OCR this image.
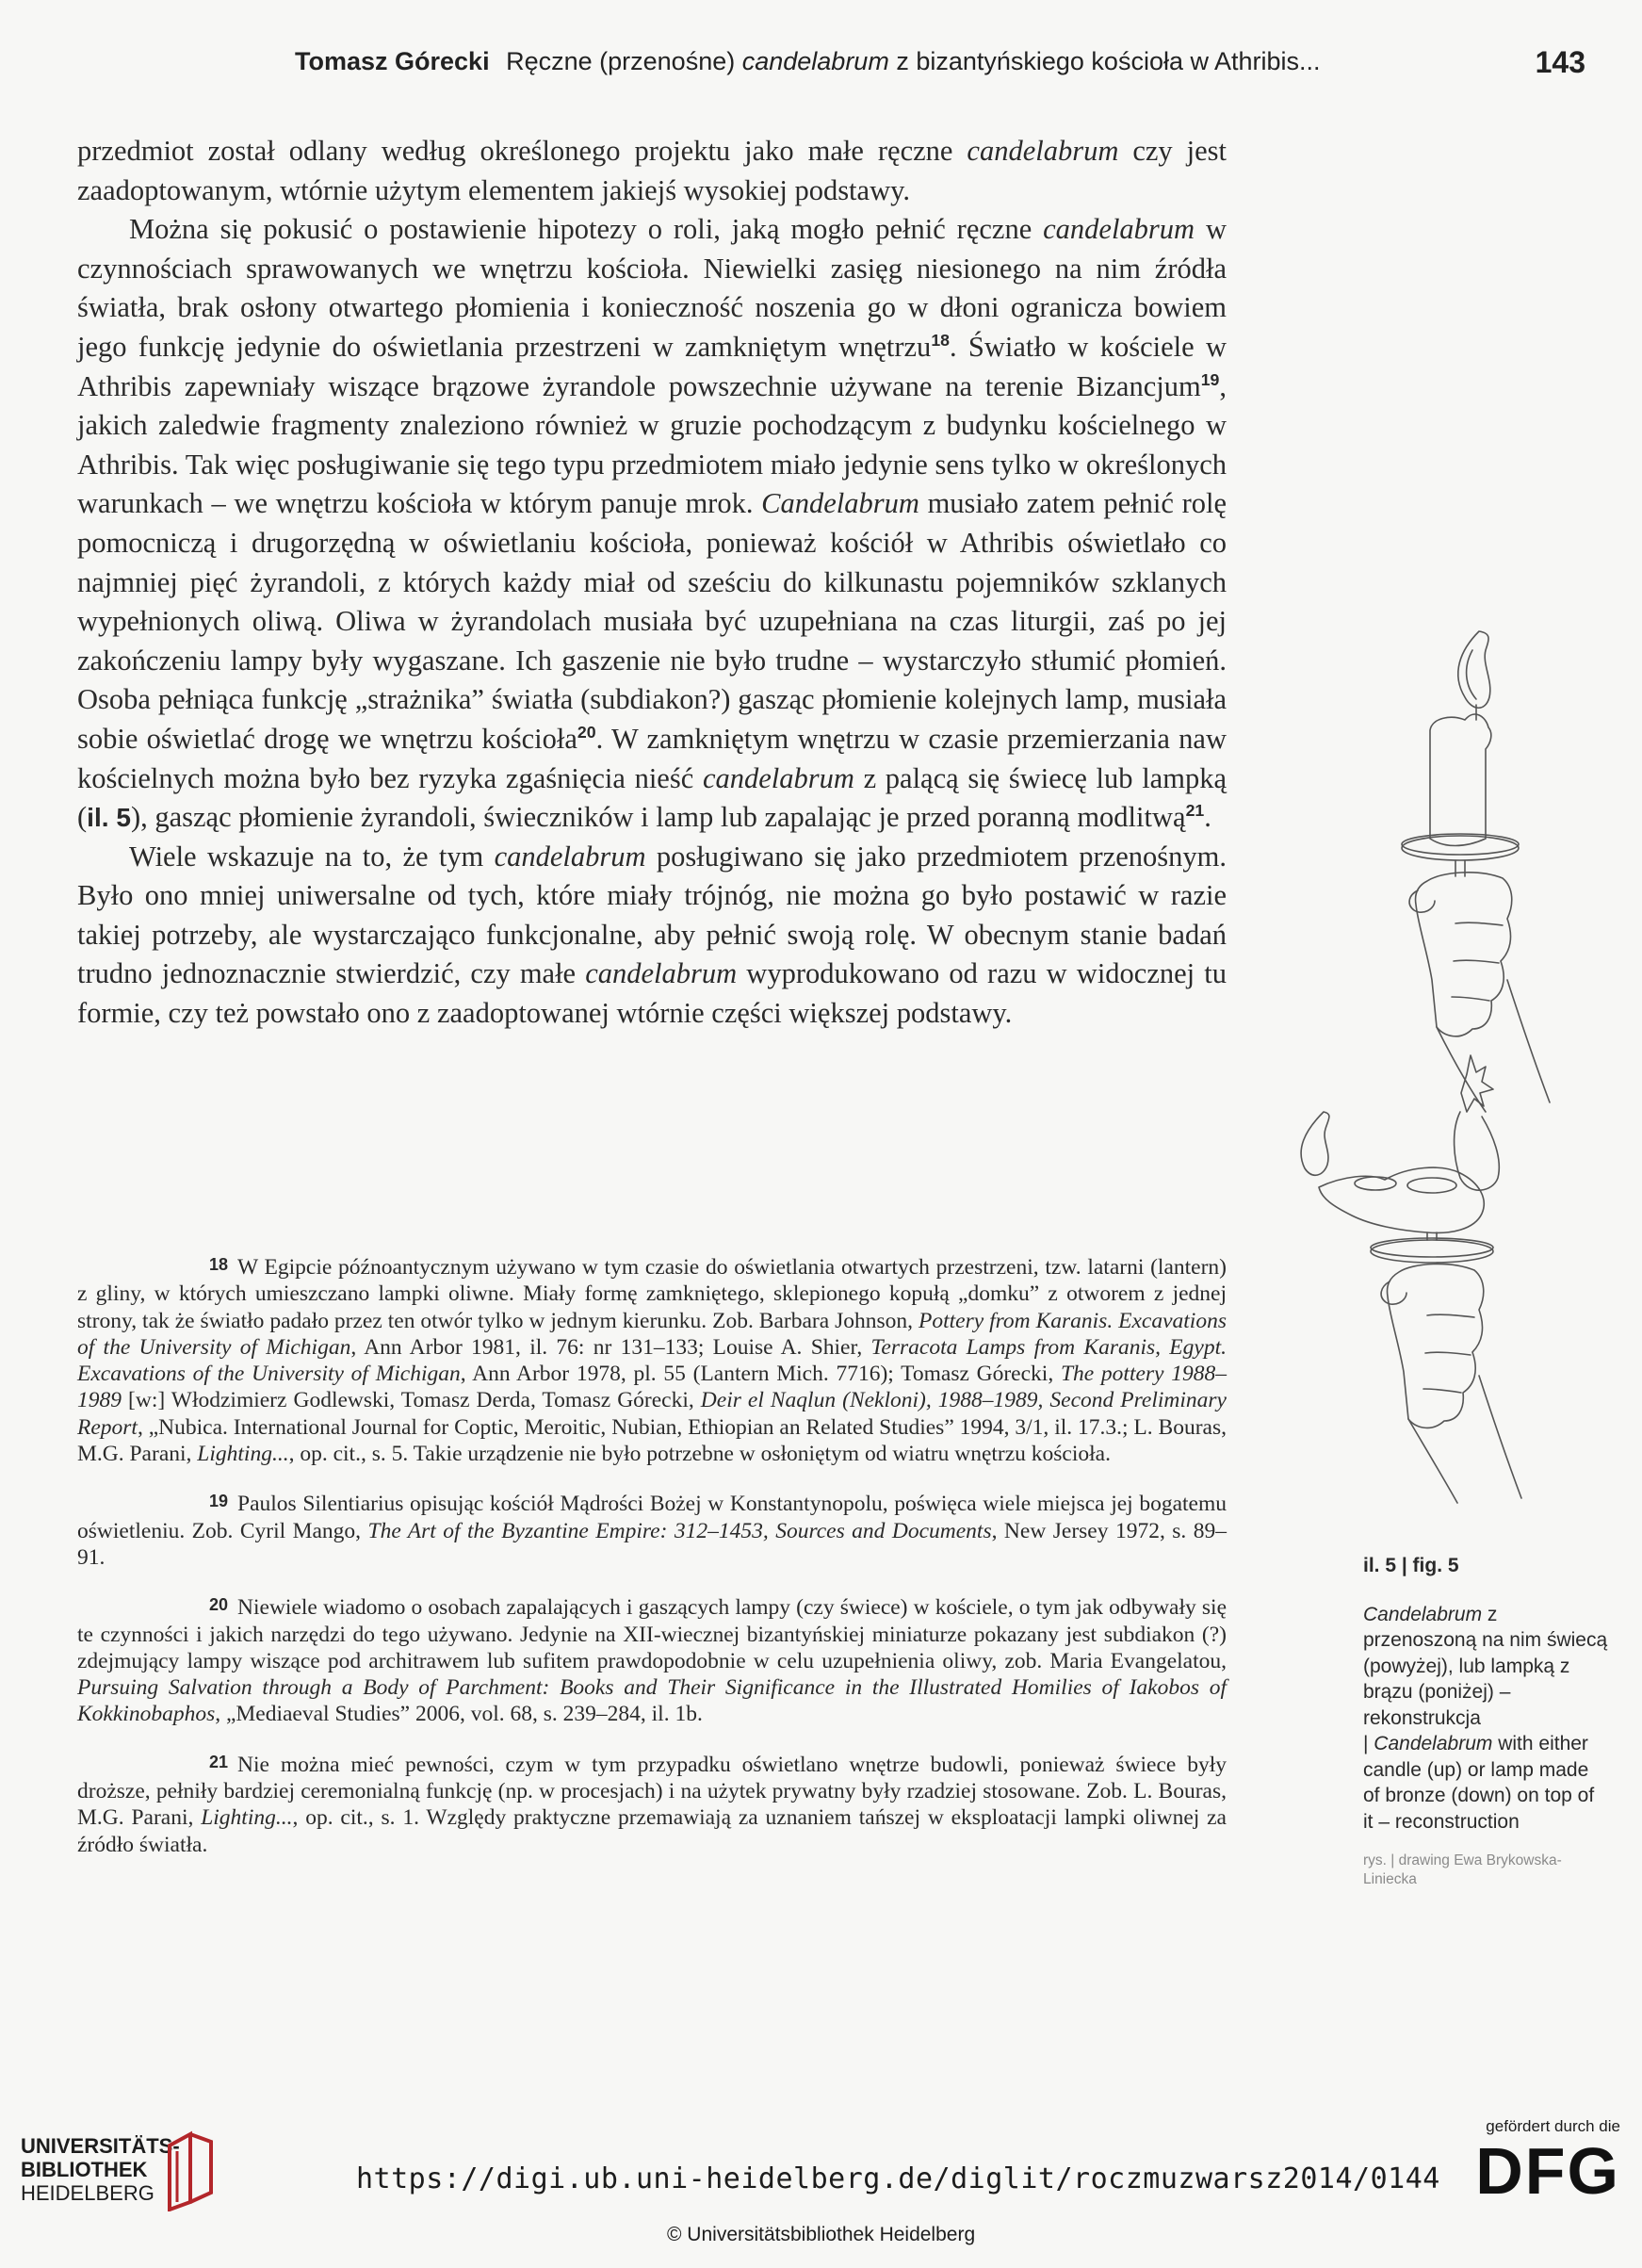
Tomasz Górecki Ręczne (przenośne) candelabrum z bizantyńskiego kościoła w Athribis...	143

przedmiot został odlany według określonego projektu jako małe ręczne candelabrum czy jest zaadoptowanym, wtórnie użytym elementem jakiejś wysokiej podstawy.

Można się pokusić o postawienie hipotezy o roli, jaką mogło pełnić ręczne candelabrum w czynnościach sprawowanych we wnętrzu kościoła. Niewielki zasięg niesionego na nim źródła światła, brak osłony otwartego płomienia i konieczność noszenia go w dłoni ogranicza bowiem jego funkcję jedynie do oświetlania przestrzeni w zamkniętym wnętrzu$^{18}$. Światło w kościele w Athribis zapewniały wiszące brązowe żyrandole powszechnie używane na terenie Bizancjum$^{19}$, jakich zaledwie fragmenty znaleziono również w gruzie pochodzącym z budynku kościelnego w Athribis. Tak więc posługiwanie się tego typu przedmiotem miało jedynie sens tylko w określonych warunkach – we wnętrzu kościoła w którym panuje mrok. Candelabrum musiało zatem pełnić rolę pomocniczą i drugorzędną w oświetlaniu kościoła, ponieważ kościół w Athribis oświetlało co najmniej pięć żyrandoli, z których każdy miał od sześciu do kilkunastu pojemników szklanych wypełnionych oliwą. Oliwa w żyrandolach musiała być uzupełniana na czas liturgii, zaś po jej zakończeniu lampy były wygaszane. Ich gaszenie nie było trudne – wystarczyło stłumić płomień. Osoba pełniąca funkcję „strażnika” światła (subdiakon?) gasząc płomienie kolejnych lamp, musiała sobie oświetlać drogę we wnętrzu kościoła$^{20}$. W zamkniętym wnętrzu w czasie przemierzania naw kościelnych można było bez ryzyka zgaśnięcia nieść candelabrum z palącą się świecę lub lampką (il. 5), gasząc płomienie żyrandoli, świeczników i lamp lub zapalając je przed poranną modlitwą$^{21}$.

Wiele wskazuje na to, że tym candelabrum posługiwano się jako przedmiotem przenośnym. Było ono mniej uniwersalne od tych, które miały trójnóg, nie można go było postawić w razie takiej potrzeby, ale wystarczająco funkcjonalne, aby pełnić swoją rolę. W obecnym stanie badań trudno jednoznacznie stwierdzić, czy małe candelabrum wyprodukowano od razu w widocznej tu formie, czy też powstało ono z zaadoptowanej wtórnie części większej podstawy.

18 W Egipcie późnoantycznym używano w tym czasie do oświetlania otwartych przestrzeni, tzw. latarni (lantern) z gliny, w których umieszczano lampki oliwne. Miały formę zamkniętego, sklepionego kopułą „domku” z otworem z jednej strony, tak że światło padało przez ten otwór tylko w jednym kierunku. Zob. Barbara Johnson, Pottery from Karanis. Excavations of the University of Michigan, Ann Arbor 1981, il. 76: nr 131–133; Louise A. Shier, Terracota Lamps from Karanis, Egypt. Excavations of the University of Michigan, Ann Arbor 1978, pl. 55 (Lantern Mich. 7716); Tomasz Górecki, The pottery 1988–1989 [w:] Włodzimierz Godlewski, Tomasz Derda, Tomasz Górecki, Deir el Naqlun (Nekloni), 1988–1989, Second Preliminary Report, „Nubica. International Journal for Coptic, Meroitic, Nubian, Ethiopian an Related Studies” 1994, 3/1, il. 17.3.; L. Bouras, M.G. Parani, Lighting..., op. cit., s. 5. Takie urządzenie nie było potrzebne w osłoniętym od wiatru wnętrzu kościoła.

19 Paulos Silentiarius opisując kościół Mądrości Bożej w Konstantynopolu, poświęca wiele miejsca jej bogatemu oświetleniu. Zob. Cyril Mango, The Art of the Byzantine Empire: 312–1453, Sources and Documents, New Jersey 1972, s. 89–91.

20 Niewiele wiadomo o osobach zapalających i gaszących lampy (czy świece) w kościele, o tym jak odbywały się te czynności i jakich narzędzi do tego używano. Jedynie na XII-wiecznej bizantyńskiej miniaturze pokazany jest subdiakon (?) zdejmujący lampy wiszące pod architrawem lub sufitem prawdopodobnie w celu uzupełnienia oliwy, zob. Maria Evangelatou, Pursuing Salvation through a Body of Parchment: Books and Their Significance in the Illustrated Homilies of Iakobos of Kokkinobaphos, „Mediaeval Studies” 2006, vol. 68, s. 239–284, il. 1b.

21 Nie można mieć pewności, czym w tym przypadku oświetlano wnętrze budowli, ponieważ świece były droższe, pełniły bardziej ceremonialną funkcję (np. w procesjach) i na użytek prywatny były rzadziej stosowane. Zob. L. Bouras, M.G. Parani, Lighting..., op. cit., s. 1. Względy praktyczne przemawiają za uznaniem tańszej w eksploatacji lampki oliwnej za źródło światła.

il. 5 | fig. 5

Candelabrum z przenoszoną na nim świecą (powyżej), lub lampką z brązu (poniżej) – rekonstrukcja
| Candelabrum with either candle (up) or lamp made of bronze (down) on top of it – reconstruction

rys. | drawing Ewa Brykowska-Liniecka
UNIVERSITÄTS-
BIBLIOTHEK
HEIDELBERG	https://digi.ub.uni-heidelberg.de/diglit/roczmuzwarsz2014/0144
© Universitätsbibliothek Heidelberg
gefördert durch die
DFG
